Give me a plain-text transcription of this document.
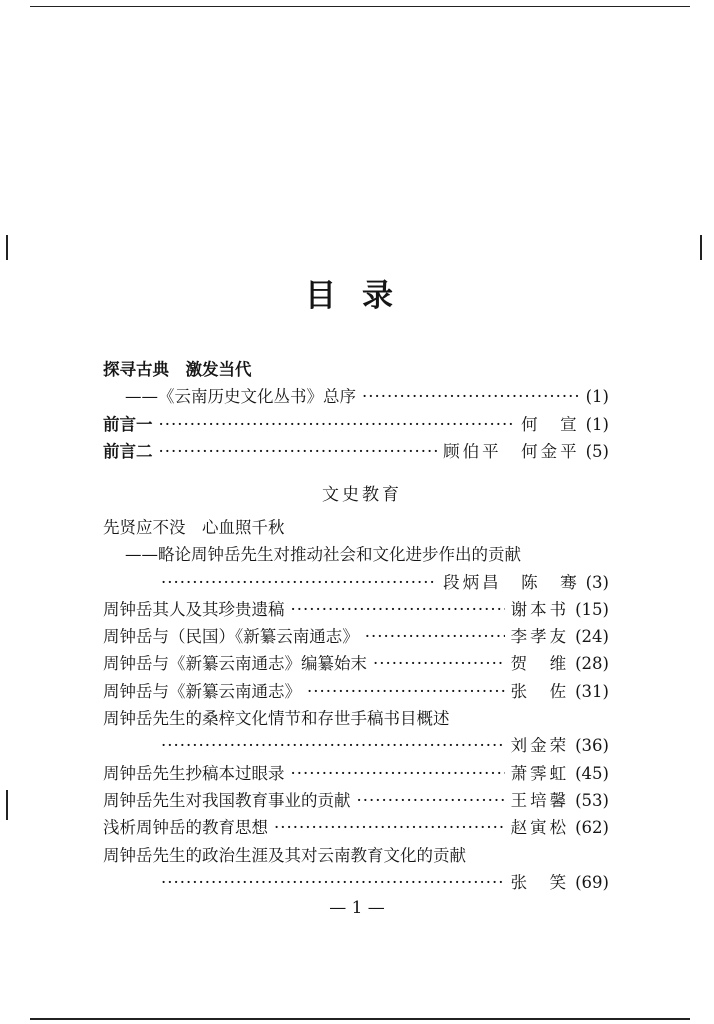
目录
探寻古典　激发当代
——《云南历史文化丛书》总序 ·····	(1)
前言一 ·····	何　宣 (1)
前言二 ·····	顾伯平　何金平 (5)
文史教育
先贤应不没　心血照千秋
——略论周钟岳先生对推动社会和文化进步作出的贡献
·····
段炳昌　陈　骞 (3)
周钟岳其人及其珍贵遗稿 ·····	谢本书 (15)
周钟岳与（民国）《新纂云南通志》 ·····	李孝友 (24)
周钟岳与《新纂云南通志》编纂始末 ·····	贺　维 (28)
周钟岳与《新纂云南通志》 ·····	张　佐 (31)
周钟岳先生的桑梓文化情节和存世手稿书目概述
·····
刘金荣 (36)
周钟岳先生抄稿本过眼录 ·····	萧霁虹 (45)
周钟岳先生对我国教育事业的贡献 ·····	王培馨 (53)
浅析周钟岳的教育思想 ·····	赵寅松 (62)
周钟岳先生的政治生涯及其对云南教育文化的贡献
·····
张　笑 (69)
— 1 —
